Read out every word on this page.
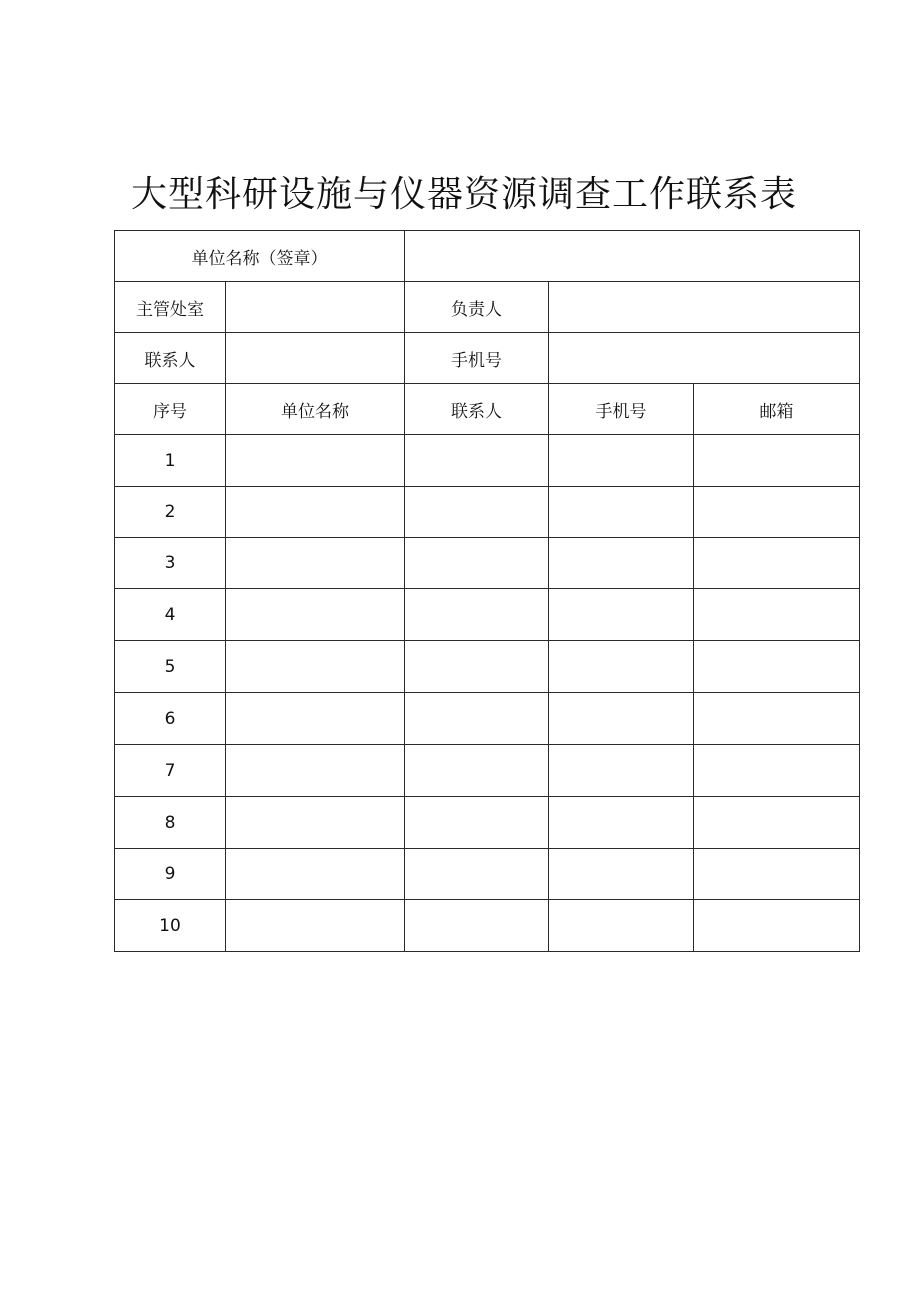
大型科研设施与仪器资源调查工作联系表
单位名称（签章）				
主管处室		负责人		
联系人		手机号		
序号	单位名称	联系人	手机号	邮箱
1				
2				
3				
4				
5				
6				
7				
8				
9				
10				
